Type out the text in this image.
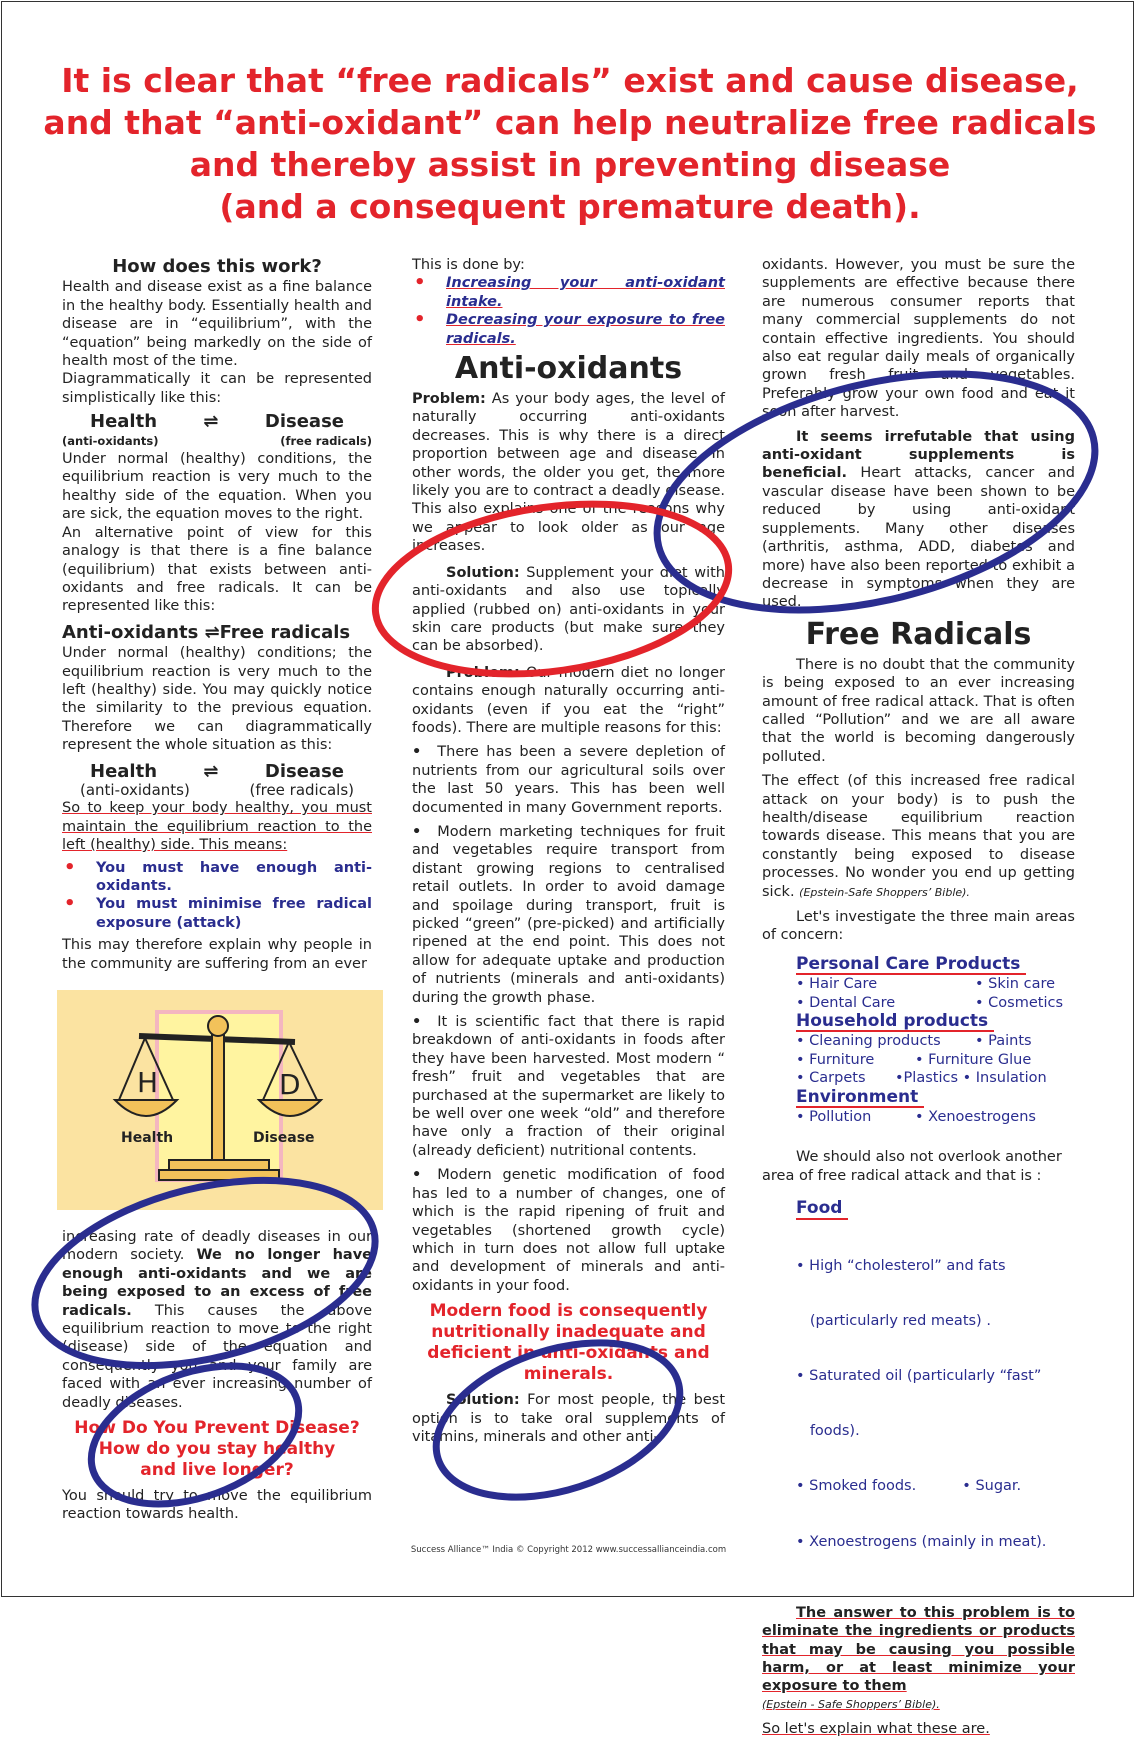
It is clear that “free radicals” exist and cause disease,
and that “anti-oxidant” can help neutralize free radicals
and thereby assist in preventing disease
(and a consequent premature death).
How does this work?

Health and disease exist as a fine balance in the healthy body. Essentially health and disease are in “equilibrium”, with the “equation” being markedly on the side of health most of the time.

Diagrammatically it can be represented simplistically like this:

Health	⇌	Disease
(anti-oxidants)	(free radicals)

Under normal (healthy) conditions, the equilibrium reaction is very much to the healthy side of the equation. When you are sick, the equation moves to the right.

An alternative point of view for this analogy is that there is a fine balance (equilibrium) that exists between anti-oxidants and free radicals. It can be represented like this:

Anti-oxidants ⇌Free radicals

Under normal (healthy) conditions; the equilibrium reaction is very much to the left (healthy) side. You may quickly notice the similarity to the previous equation. Therefore we can diagrammatically represent the whole situation as this:

Health	⇌	Disease
(anti-oxidants)	(free radicals)

So to keep your body healthy, you must maintain the equilibrium reaction to the left (healthy) side. This means:

• You must have enough anti-oxidants.
• You must minimise free radical exposure (attack)

This may therefore explain why people in the community are suffering from an ever

H	D
Health	Disease

increasing rate of deadly diseases in our modern society. We no longer have enough anti-oxidants and we are being exposed to an excess of free radicals. This causes the above equilibrium reaction to move to the right (disease) side of the equation and consequently you and your family are faced with an ever increasing number of deadly diseases.

How Do You Prevent Disease?
How do you stay healthy
and live longer?

You should try to move the equilibrium reaction towards health.

This is done by:

• Increasing your anti-oxidant intake.
• Decreasing your exposure to free radicals.
Anti-oxidants

Problem: As your body ages, the level of naturally occurring anti-oxidants decreases. This is why there is a direct proportion between age and disease. In other words, the older you get, the more likely you are to contract a deadly disease. This also explains one of the reasons why we appear to look older as our age increases.

Solution: Supplement your diet with anti-oxidants and also use topically applied (rubbed on) anti-oxidants in your skin care products (but make sure they can be absorbed).

Problem: Our modern diet no longer contains enough naturally occurring anti-oxidants (even if you eat the “right” foods). There are multiple reasons for this:

• There has been a severe depletion of nutrients from our agricultural soils over the last 50 years. This has been well documented in many Government reports.

• Modern marketing techniques for fruit and vegetables require transport from distant growing regions to centralised retail outlets. In order to avoid damage and spoilage during transport, fruit is picked “green” (pre-picked) and artificially ripened at the end point. This does not allow for adequate uptake and production of nutrients (minerals and anti-oxidants) during the growth phase.

• It is scientific fact that there is rapid breakdown of anti-oxidants in foods after they have been harvested. Most modern “ fresh” fruit and vegetables that are purchased at the supermarket are likely to be well over one week “old” and therefore have only a fraction of their original (already deficient) nutritional contents.

• Modern genetic modification of food has led to a number of changes, one of which is the rapid ripening of fruit and vegetables (shortened growth cycle) which in turn does not allow full uptake and development of minerals and anti-oxidants in your food.

Modern food is consequently
nutritionally inadequate and
deficient in anti-oxidants and
minerals.

Solution: For most people, the best option is to take oral supplements of vitamins, minerals and other anti-

oxidants. However, you must be sure the supplements are effective because there are numerous consumer reports that many commercial supplements do not contain effective ingredients. You should also eat regular daily meals of organically grown fresh fruit and vegetables. Preferably grow your own food and eat it soon after harvest.

It seems irrefutable that using anti-oxidant supplements is beneficial. Heart attacks, cancer and vascular disease have been shown to be reduced by using anti-oxidant supplements. Many other diseases (arthritis, asthma, ADD, diabetes and more) have also been reported to exhibit a decrease in symptoms when they are used.

Free Radicals

There is no doubt that the community is being exposed to an ever increasing amount of free radical attack. That is often called “Pollution” and we are all aware that the world is becoming dangerously polluted.

The effect (of this increased free radical attack on your body) is to push the health/disease equilibrium reaction towards disease. This means that you are constantly being exposed to disease processes. No wonder you end up getting sick. (Epstein-Safe Shoppers’ Bible).

Let's investigate the three main areas of concern:

Personal Care Products
• Hair Care	• Skin care
• Dental Care	• Cosmetics
Household products
• Cleaning products • Paints
• Furniture	• Furniture Glue
• Carpets •Plastics • Insulation
Environment
• Pollution	• Xenoestrogens

We should also not overlook another area of free radical attack and that is :

Food

• High “cholesterol” and fats

(particularly red meats) .

• Saturated oil (particularly “fast”

foods).

• Smoked foods.          • Sugar.

• Xenoestrogens (mainly in meat).

The answer to this problem is to eliminate the ingredients or products that may be causing you possible harm, or at least minimize your exposure to them

(Epstein - Safe Shoppers’ Bible).

So let's explain what these are.

Success Alliance™ India © Copyright 2012 www.successallianceindia.com
